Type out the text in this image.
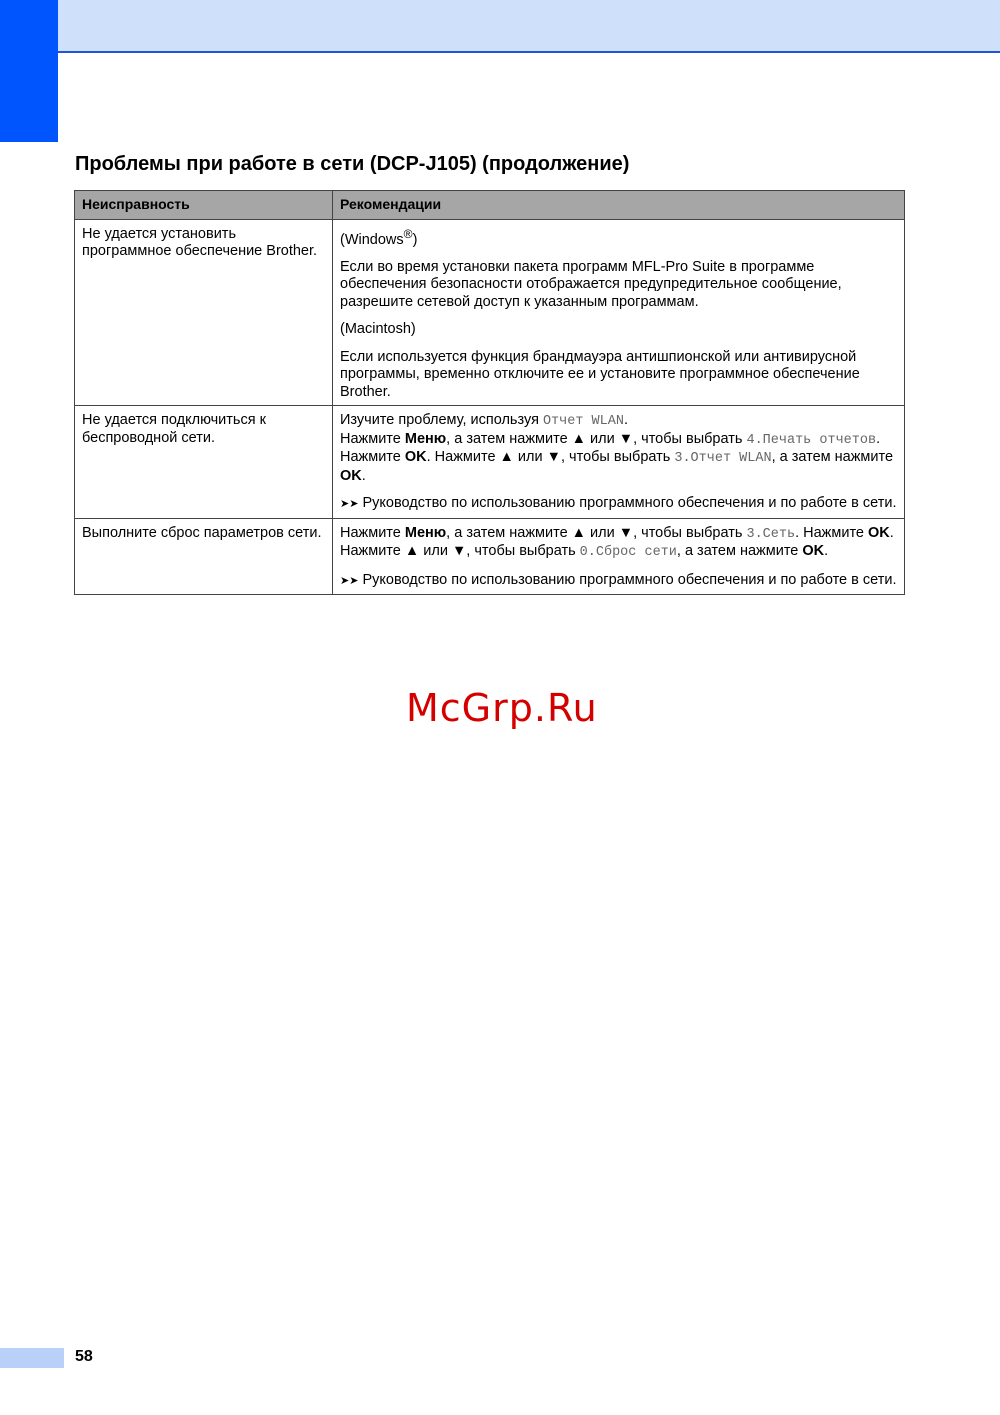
Проблемы при работе в сети (DCP-J105) (продолжение)
Неисправность	Рекомендации
Не удается установить программное обеспечение Brother.	(Windows®)

Если во время установки пакета программ MFL-Pro Suite в программе обеспечения безопасности отображается предупредительное сообщение, разрешите сетевой доступ к указанным программам.

(Macintosh)

Если используется функция брандмауэра антишпионской или антивирусной программы, временно отключите ее и установите программное обеспечение Brother.

Не удается подключиться к беспроводной сети.	Изучите проблему, используя Отчет WLAN.
Нажмите Меню, а затем нажмите ▲ или ▼, чтобы выбрать 4.Печать отчетов. Нажмите OK. Нажмите ▲ или ▼, чтобы выбрать 3.Отчет WLAN, а затем нажмите OK.

➤➤ Руководство по использованию программного обеспечения и по работе в сети.

Выполните сброс параметров сети.	Нажмите Меню, а затем нажмите ▲ или ▼, чтобы выбрать 3.Сеть. Нажмите OK. Нажмите ▲ или ▼, чтобы выбрать 0.Сброс сети, а затем нажмите OK.

➤➤ Руководство по использованию программного обеспечения и по работе в сети.

McGrp.Ru
58
